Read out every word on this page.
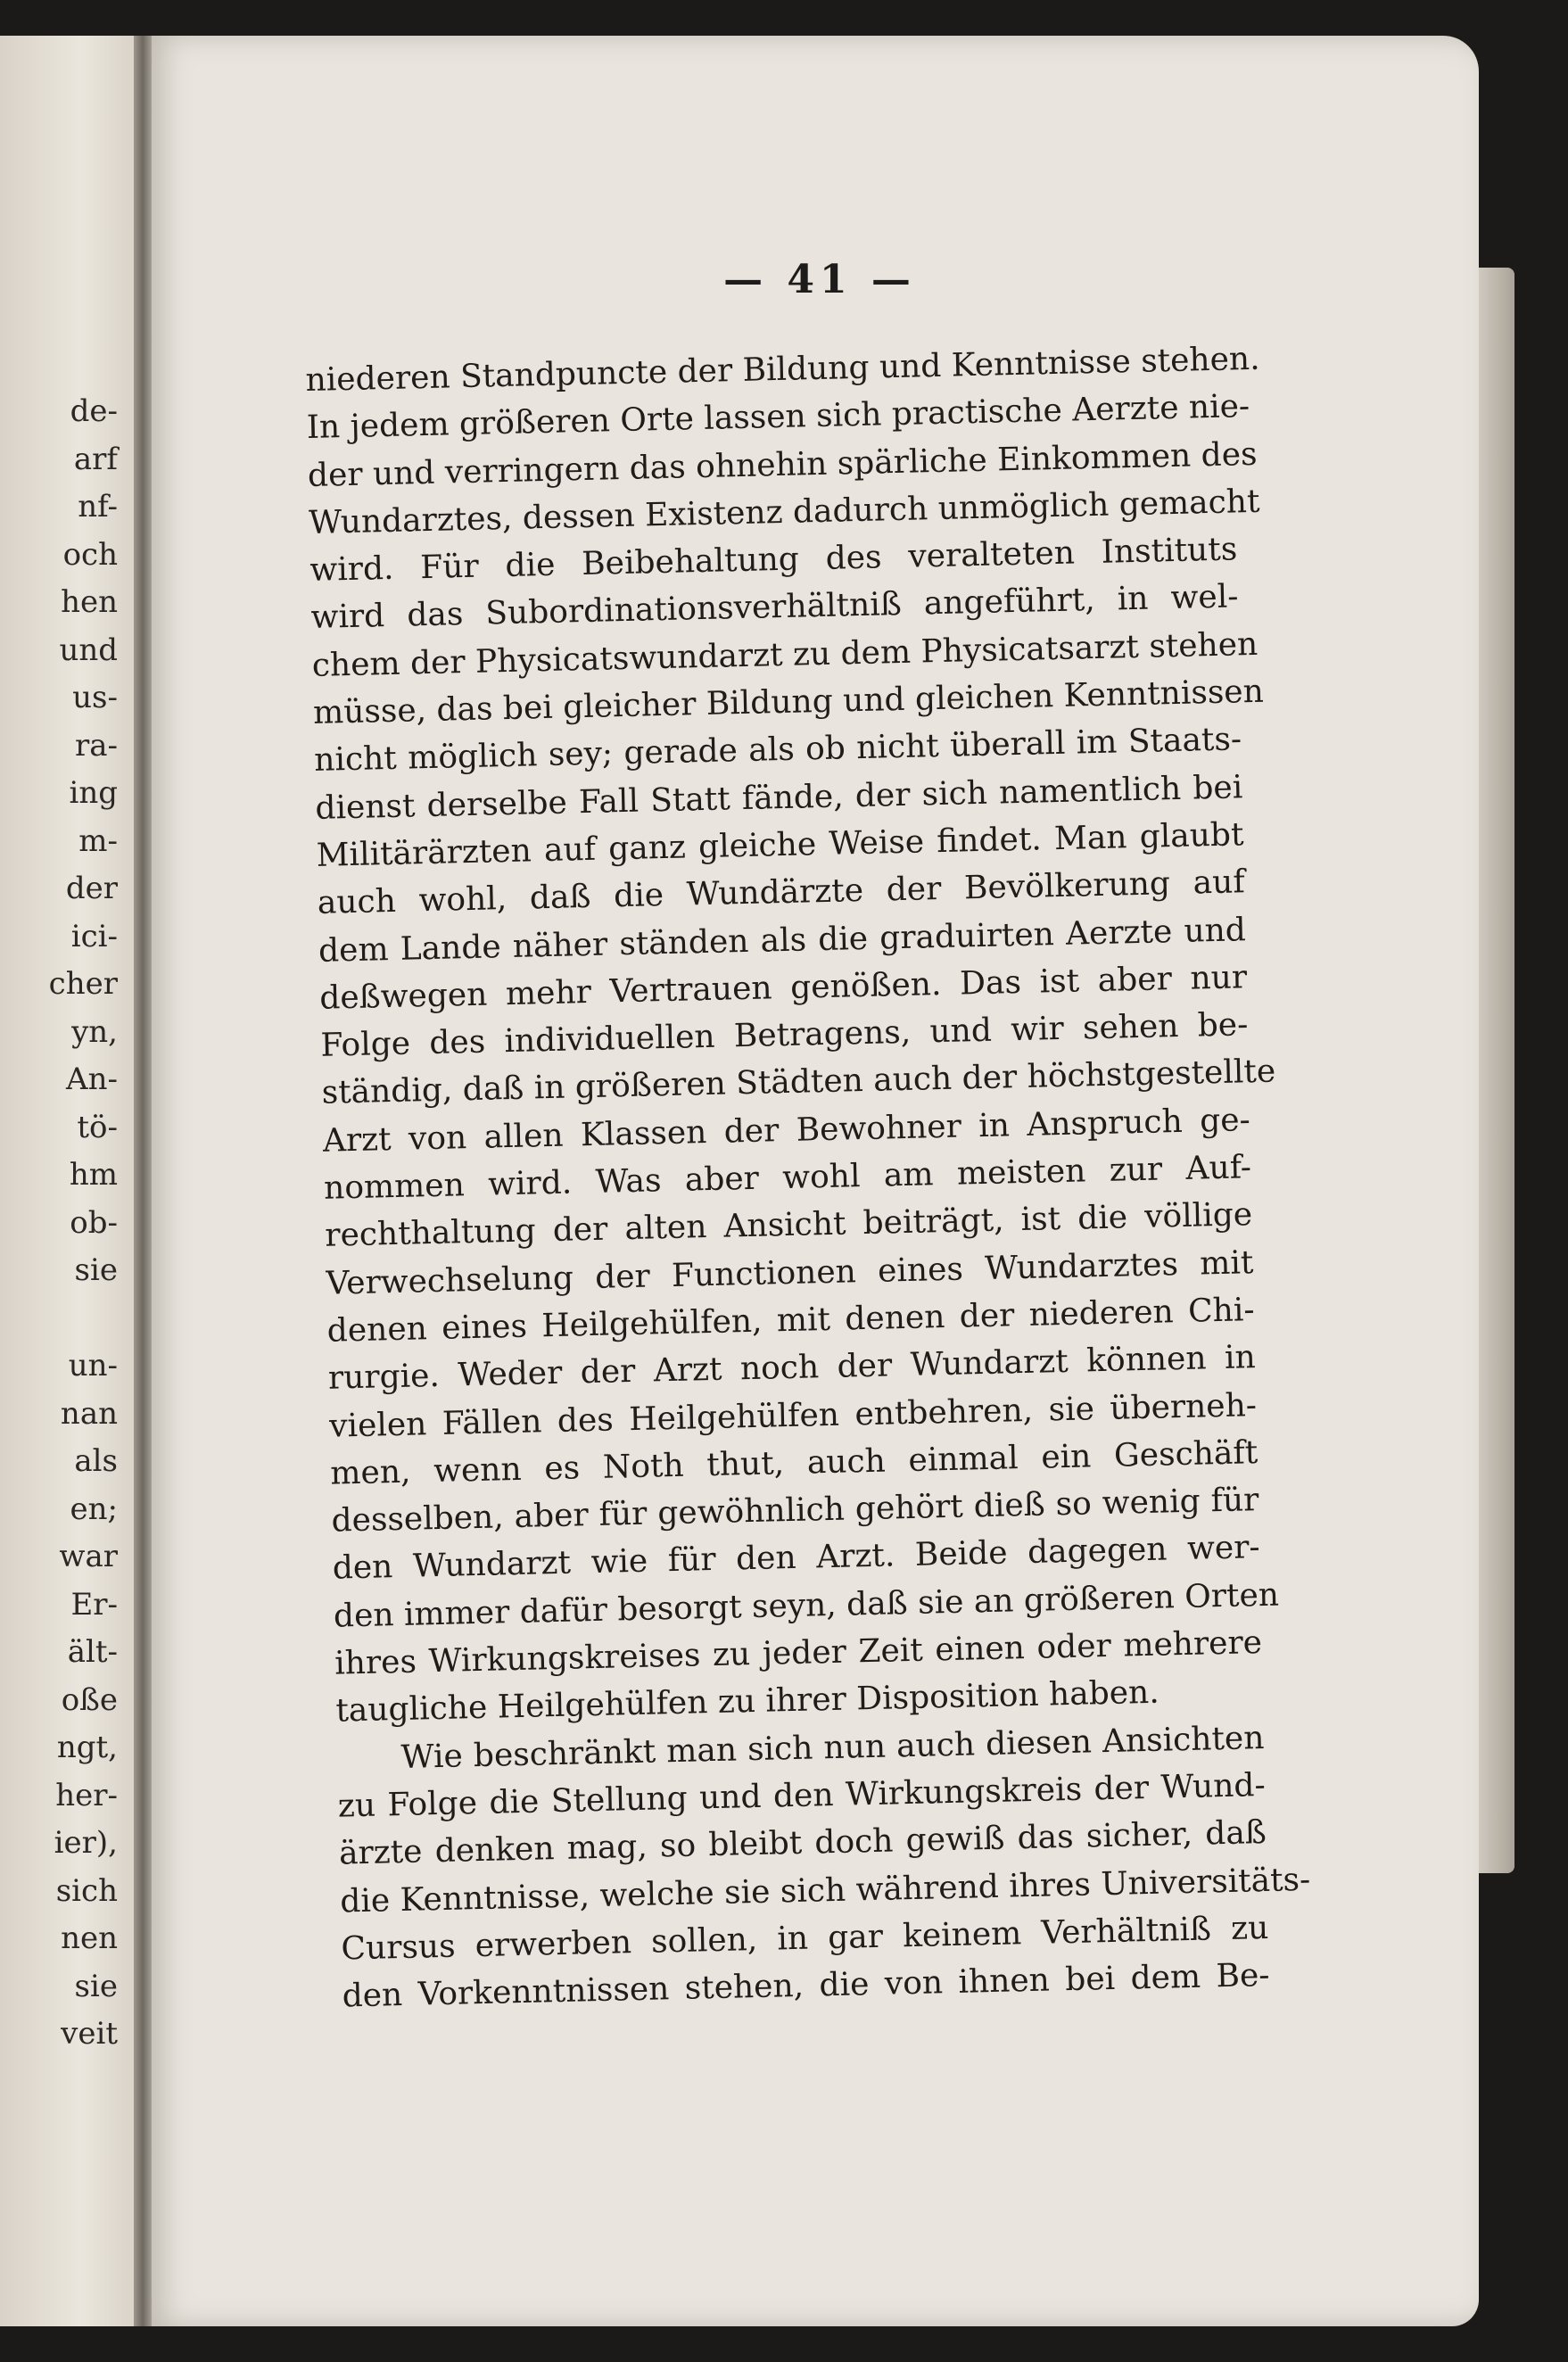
de-
arf
nf-
och
hen
und
us-
ra-
ing
m-
der
ici-
cher
yn,
An-
tö-
hm
ob-
sie

un-
nan
als
en;
war
Er-
ält-
oße
ngt,
her-
ier),
sich
nen
sie
veit
— 41 —
niederen Standpuncte der Bildung und Kenntnisse stehen.
In jedem größeren Orte lassen sich practische Aerzte nie-
der und verringern das ohnehin spärliche Einkommen des
Wundarztes, dessen Existenz dadurch unmöglich gemacht
wird. Für die Beibehaltung des veralteten Instituts
wird das Subordinationsverhältniß angeführt, in wel-
chem der Physicatswundarzt zu dem Physicatsarzt stehen
müsse, das bei gleicher Bildung und gleichen Kenntnissen
nicht möglich sey; gerade als ob nicht überall im Staats-
dienst derselbe Fall Statt fände, der sich namentlich bei
Militärärzten auf ganz gleiche Weise findet. Man glaubt
auch wohl, daß die Wundärzte der Bevölkerung auf
dem Lande näher ständen als die graduirten Aerzte und
deßwegen mehr Vertrauen genößen. Das ist aber nur
Folge des individuellen Betragens, und wir sehen be-
ständig, daß in größeren Städten auch der höchstgestellte
Arzt von allen Klassen der Bewohner in Anspruch ge-
nommen wird. Was aber wohl am meisten zur Auf-
rechthaltung der alten Ansicht beiträgt, ist die völlige
Verwechselung der Functionen eines Wundarztes mit
denen eines Heilgehülfen, mit denen der niederen Chi-
rurgie. Weder der Arzt noch der Wundarzt können in
vielen Fällen des Heilgehülfen entbehren, sie überneh-
men, wenn es Noth thut, auch einmal ein Geschäft
desselben, aber für gewöhnlich gehört dieß so wenig für
den Wundarzt wie für den Arzt. Beide dagegen wer-
den immer dafür besorgt seyn, daß sie an größeren Orten
ihres Wirkungskreises zu jeder Zeit einen oder mehrere
taugliche Heilgehülfen zu ihrer Disposition haben.
Wie beschränkt man sich nun auch diesen Ansichten
zu Folge die Stellung und den Wirkungskreis der Wund-
ärzte denken mag, so bleibt doch gewiß das sicher, daß
die Kenntnisse, welche sie sich während ihres Universitäts-
Cursus erwerben sollen, in gar keinem Verhältniß zu
den Vorkenntnissen stehen, die von ihnen bei dem Be-
